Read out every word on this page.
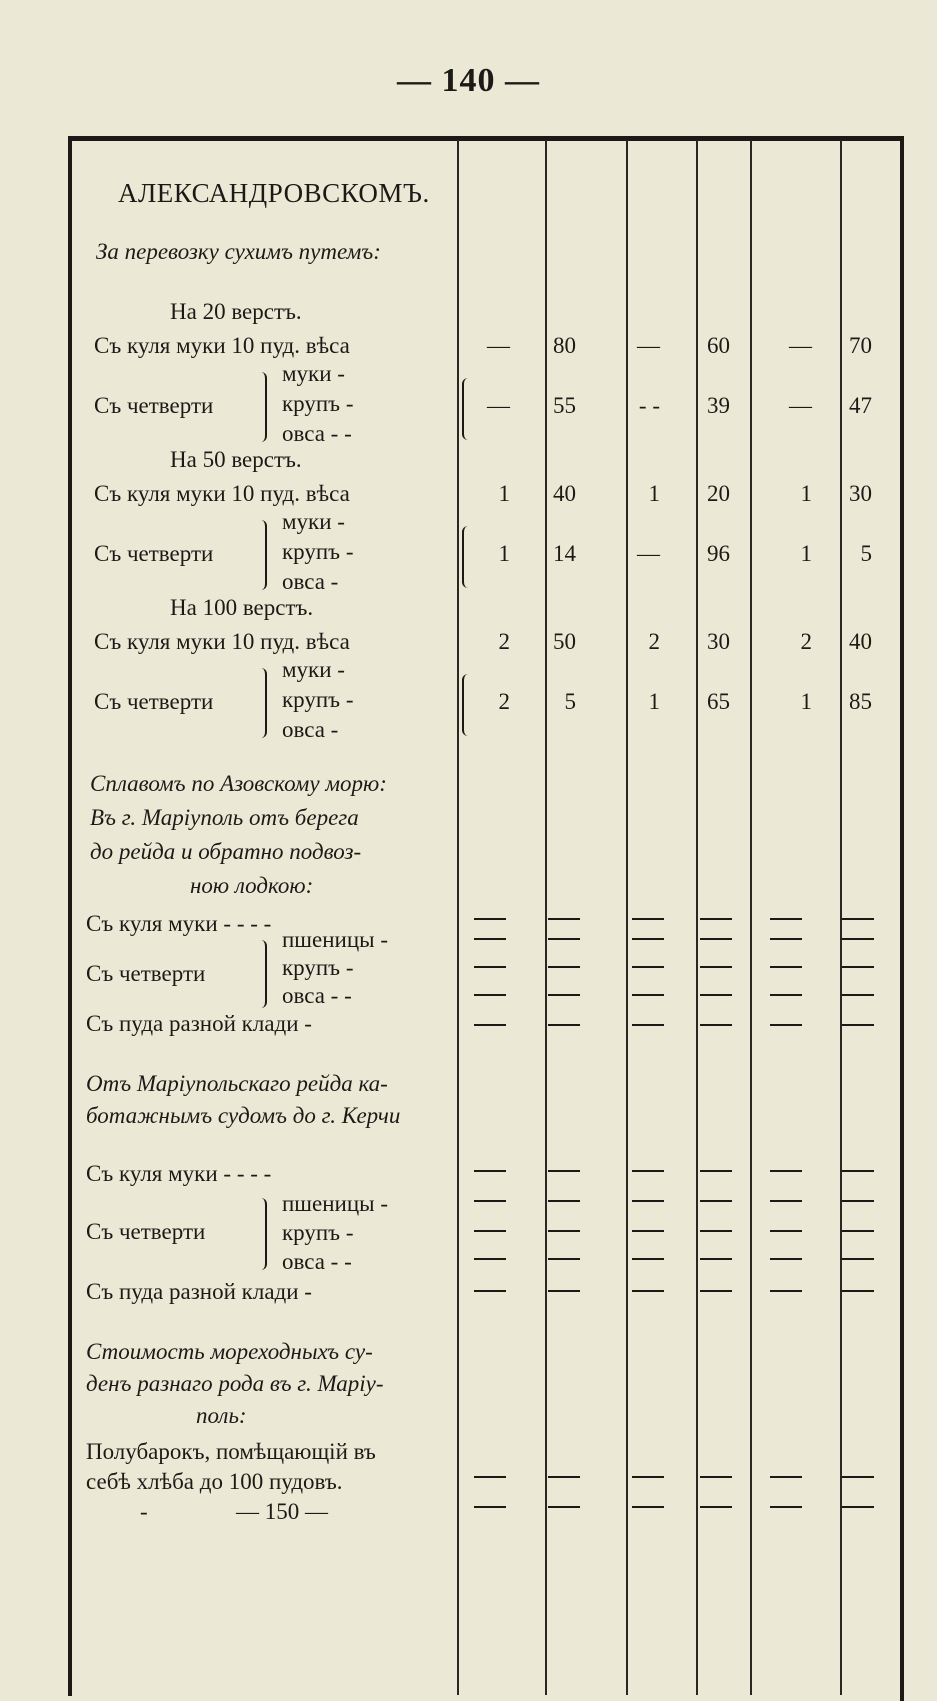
— 140 —
АЛЕКСАНДРОВСКОМЪ.
За перевозку сухимъ путемъ:
На 20 верстъ.
Съ куля муки 10 пуд. вѣса	—	80	—	60	—	70
Съ четверти
муки -
крупъ -
овса - -
—	55	- -	39	—	47
На 50 верстъ.
Съ куля муки 10 пуд. вѣса	1	40	1	20	1	30
Съ четверти
муки -
крупъ -
овса -
1	14	—	96	1	5
На 100 верстъ.
Съ куля муки 10 пуд. вѣса	2	50	2	30	2	40
Съ четверти
муки -
крупъ -
овса -
2	5	1	65	1	85
Сплавомъ по Азовскому морю:
Въ г. Маріуполь отъ берега
до рейда и обратно подвоз-
ною лодкою:
Съ куля муки - - - -
Съ четверти
пшеницы -
крупъ -
овса - -
Съ пуда разной клади -
Отъ Маріупольскаго рейда ка-
ботажнымъ судомъ до г. Керчи
Съ куля муки - - - -
Съ четверти
пшеницы -
крупъ -
овса - -
Съ пуда разной клади -
Стоимость мореходныхъ су-
денъ разнаго рода въ г. Маріу-
поль:
Полубарокъ, помѣщающій въ
себѣ хлѣба до 100 пудовъ.
-	— 150 —
